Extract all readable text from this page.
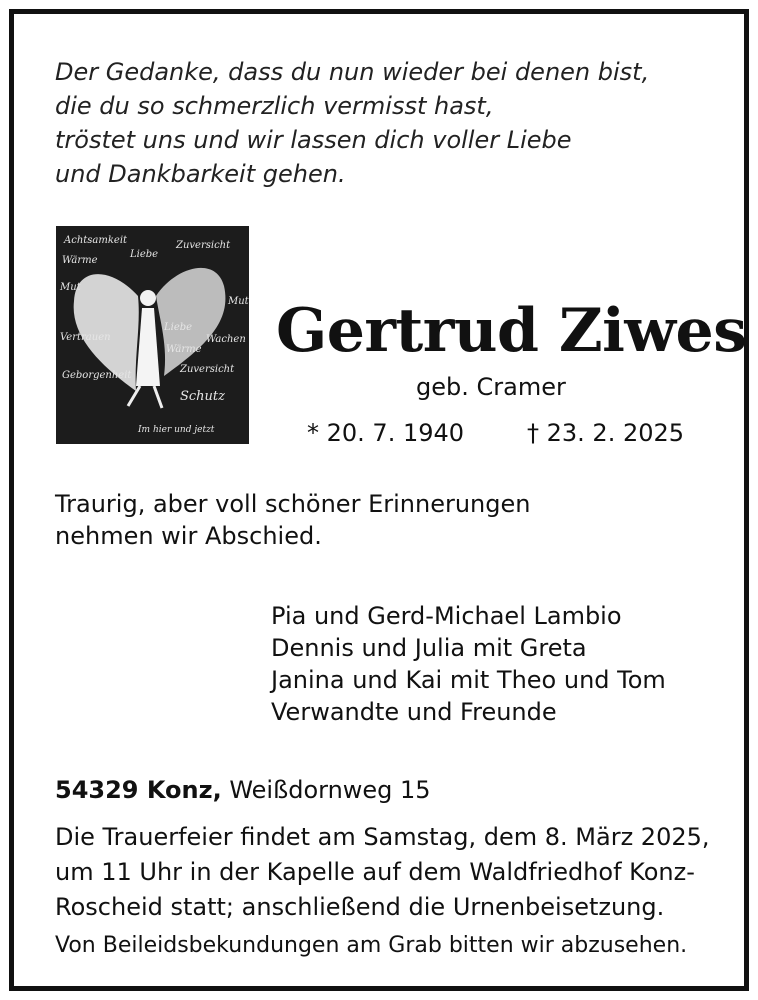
Der Gedanke, dass du nun wieder bei denen bist,
die du so schmerzlich vermisst hast,
tröstet uns und wir lassen dich voller Liebe
und Dankbarkeit gehen.
Achtsamkeit
Wärme
Liebe
Zuversicht
Mut
Mut
Vertrauen
Liebe
Wachen
Wärme
Geborgenheit
Zuversicht
Schutz
Im hier und jetzt
Gertrud Ziwes
geb. Cramer
* 20. 7. 1940	† 23. 2. 2025
Traurig, aber voll schöner Erinnerungen
nehmen wir Abschied.
Pia und Gerd-Michael Lambio
Dennis und Julia mit Greta
Janina und Kai mit Theo und Tom
Verwandte und Freunde
54329 Konz, Weißdornweg 15
Die Trauerfeier findet am Samstag, dem 8. März 2025,
um 11 Uhr in der Kapelle auf dem Waldfriedhof Konz-
Roscheid statt; anschließend die Urnenbeisetzung.
Von Beileidsbekundungen am Grab bitten wir abzusehen.
